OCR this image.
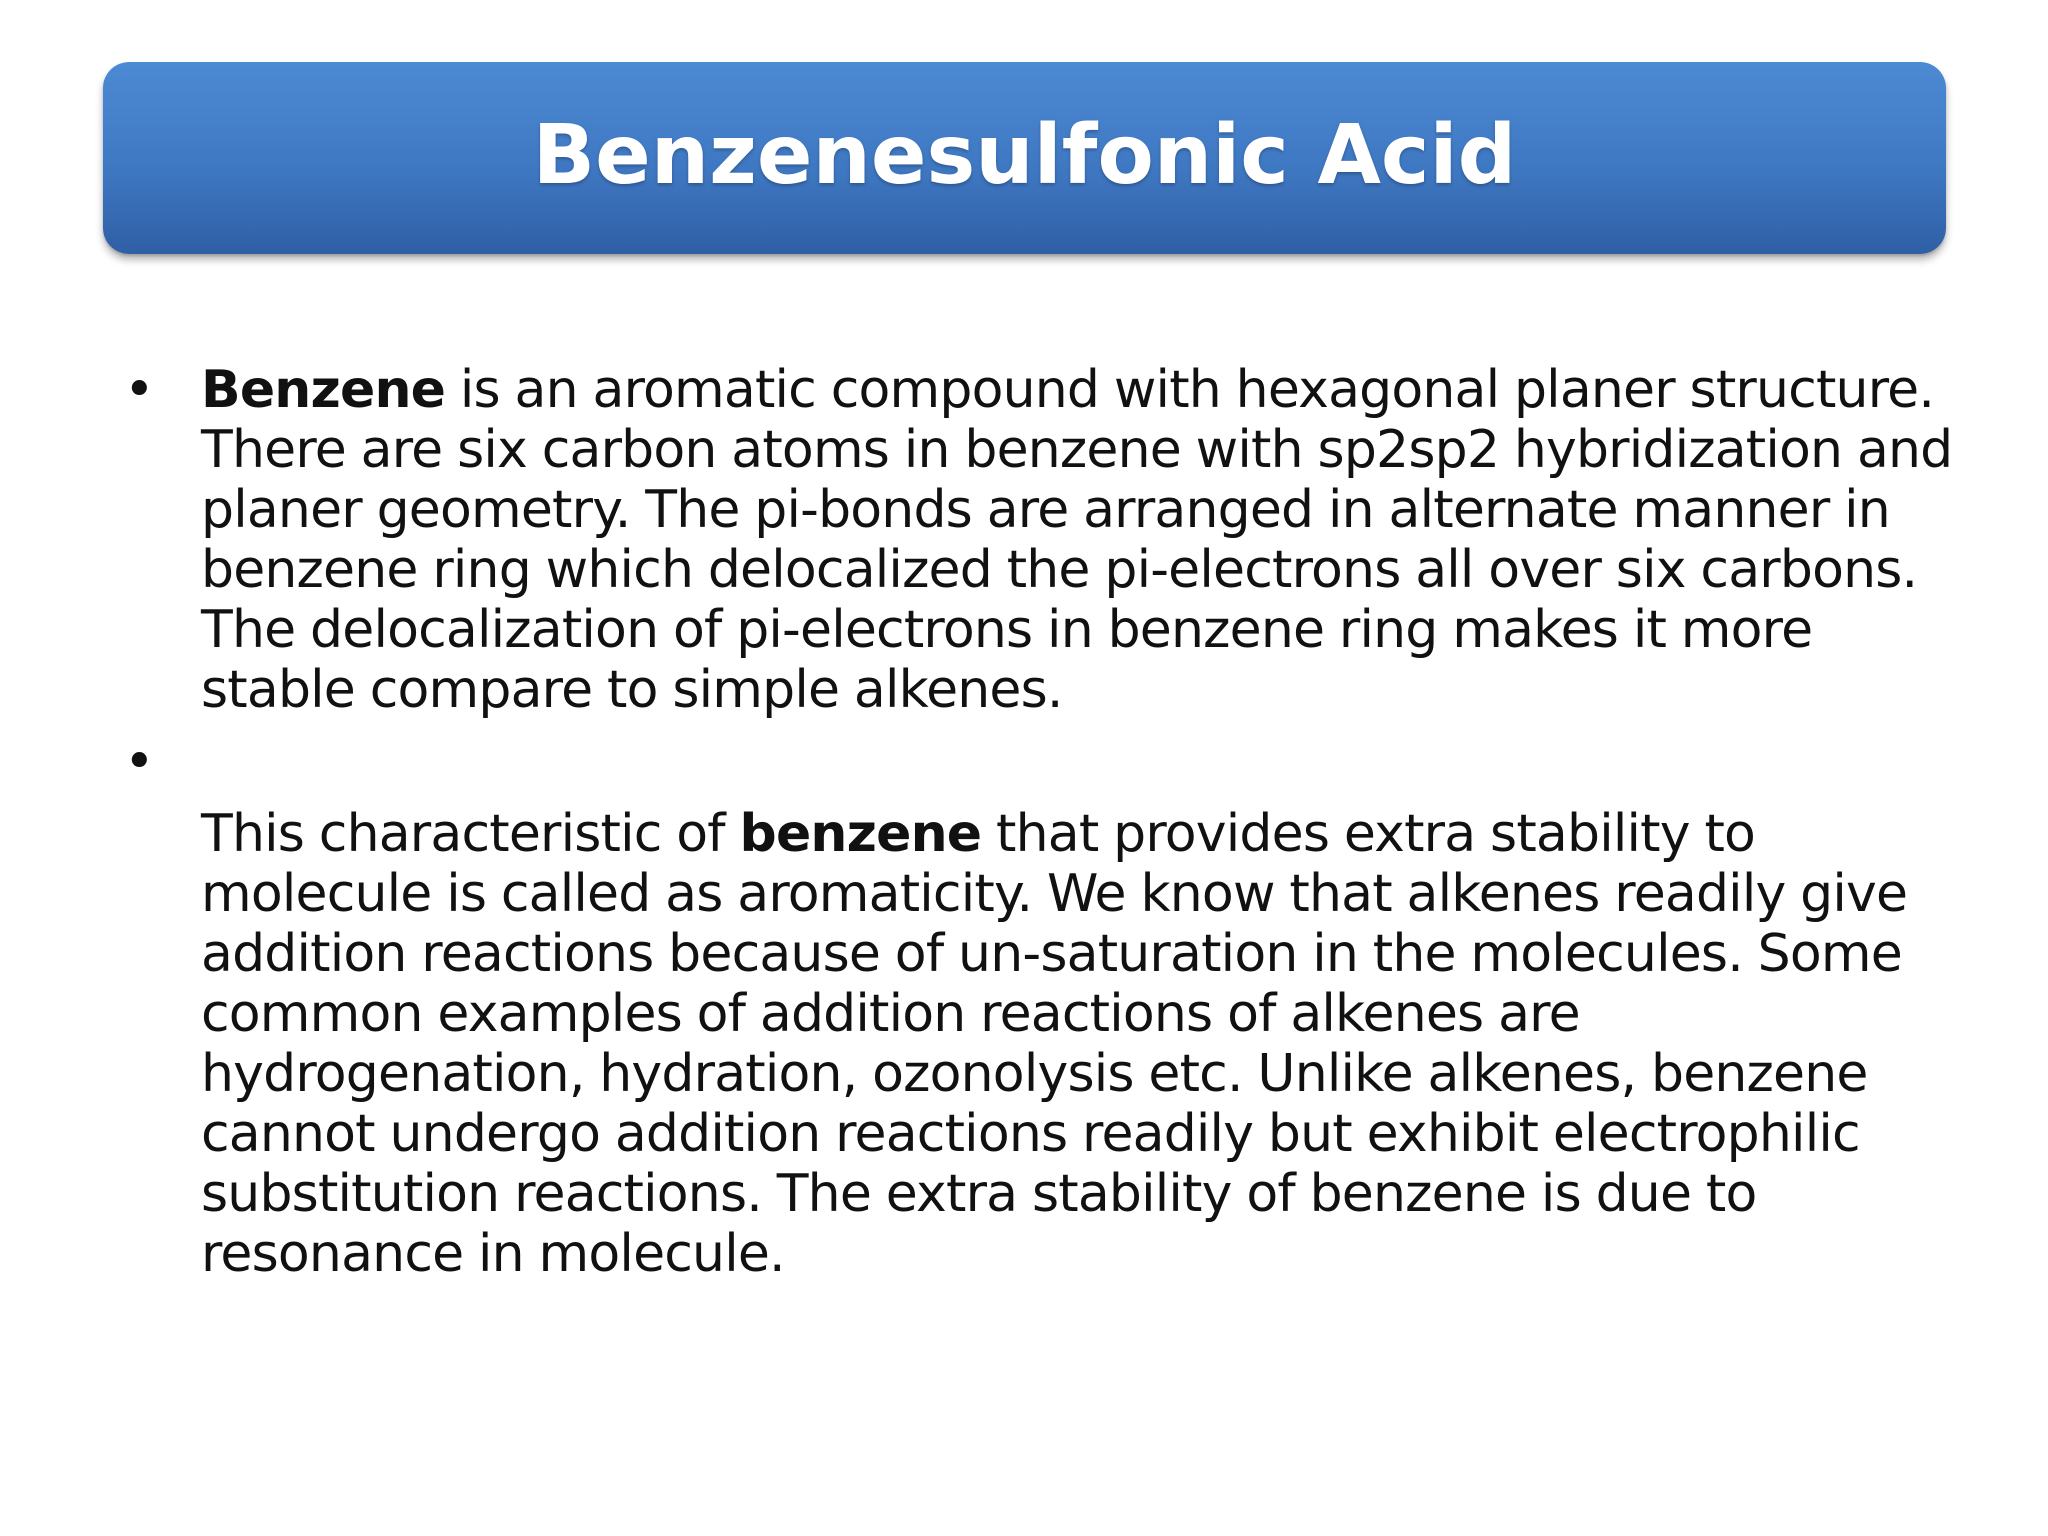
Benzenesulfonic Acid
• Benzene is an aromatic compound with hexagonal planer structure. There are six carbon atoms in benzene with sp2sp2 hybridization and planer geometry. The pi-bonds are arranged in alternate manner in benzene ring which delocalized the pi-electrons all over six carbons. The delocalization of pi-electrons in benzene ring makes it more stable compare to simple alkenes.
•
This characteristic of benzene that provides extra stability to molecule is called as aromaticity. We know that alkenes readily give addition reactions because of un-saturation in the molecules. Some common examples of addition reactions of alkenes are hydrogenation, hydration, ozonolysis etc. Unlike alkenes, benzene cannot undergo addition reactions readily but exhibit electrophilic substitution reactions. The extra stability of benzene is due to resonance in molecule.
